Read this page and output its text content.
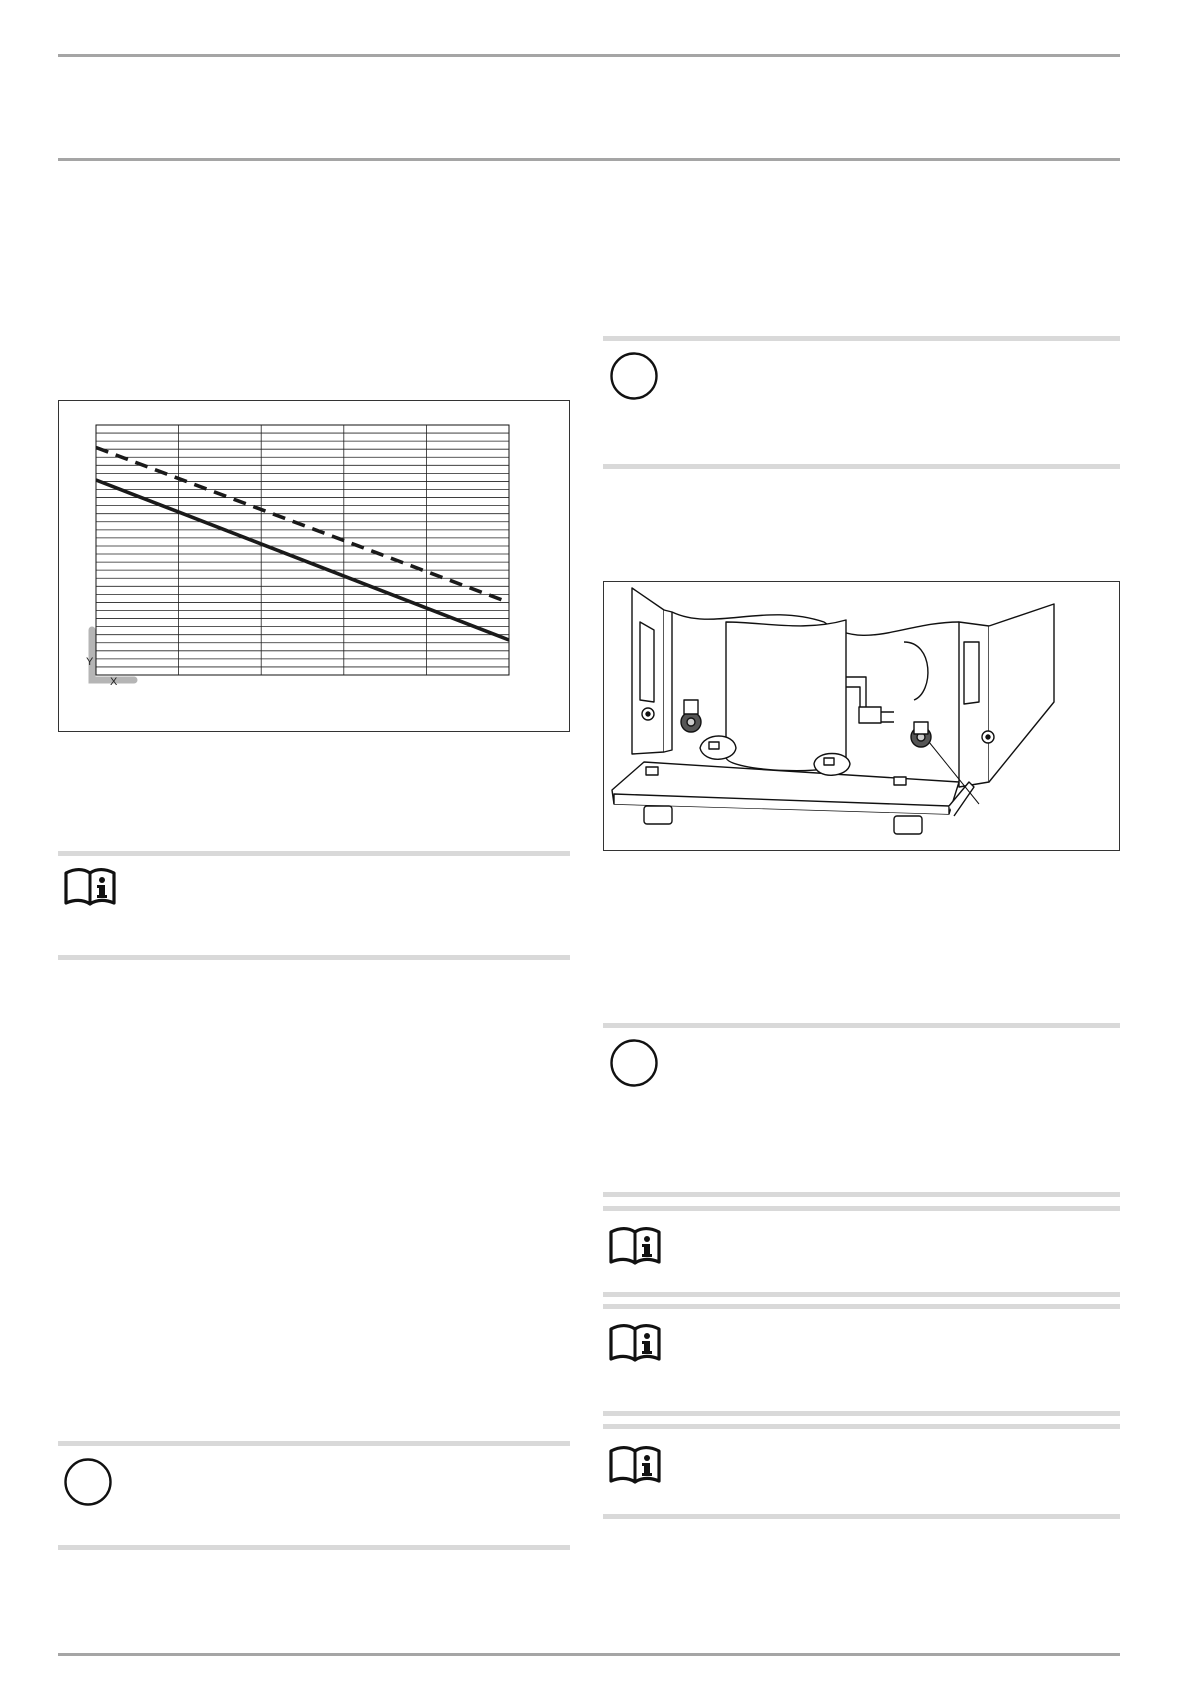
Y
X
